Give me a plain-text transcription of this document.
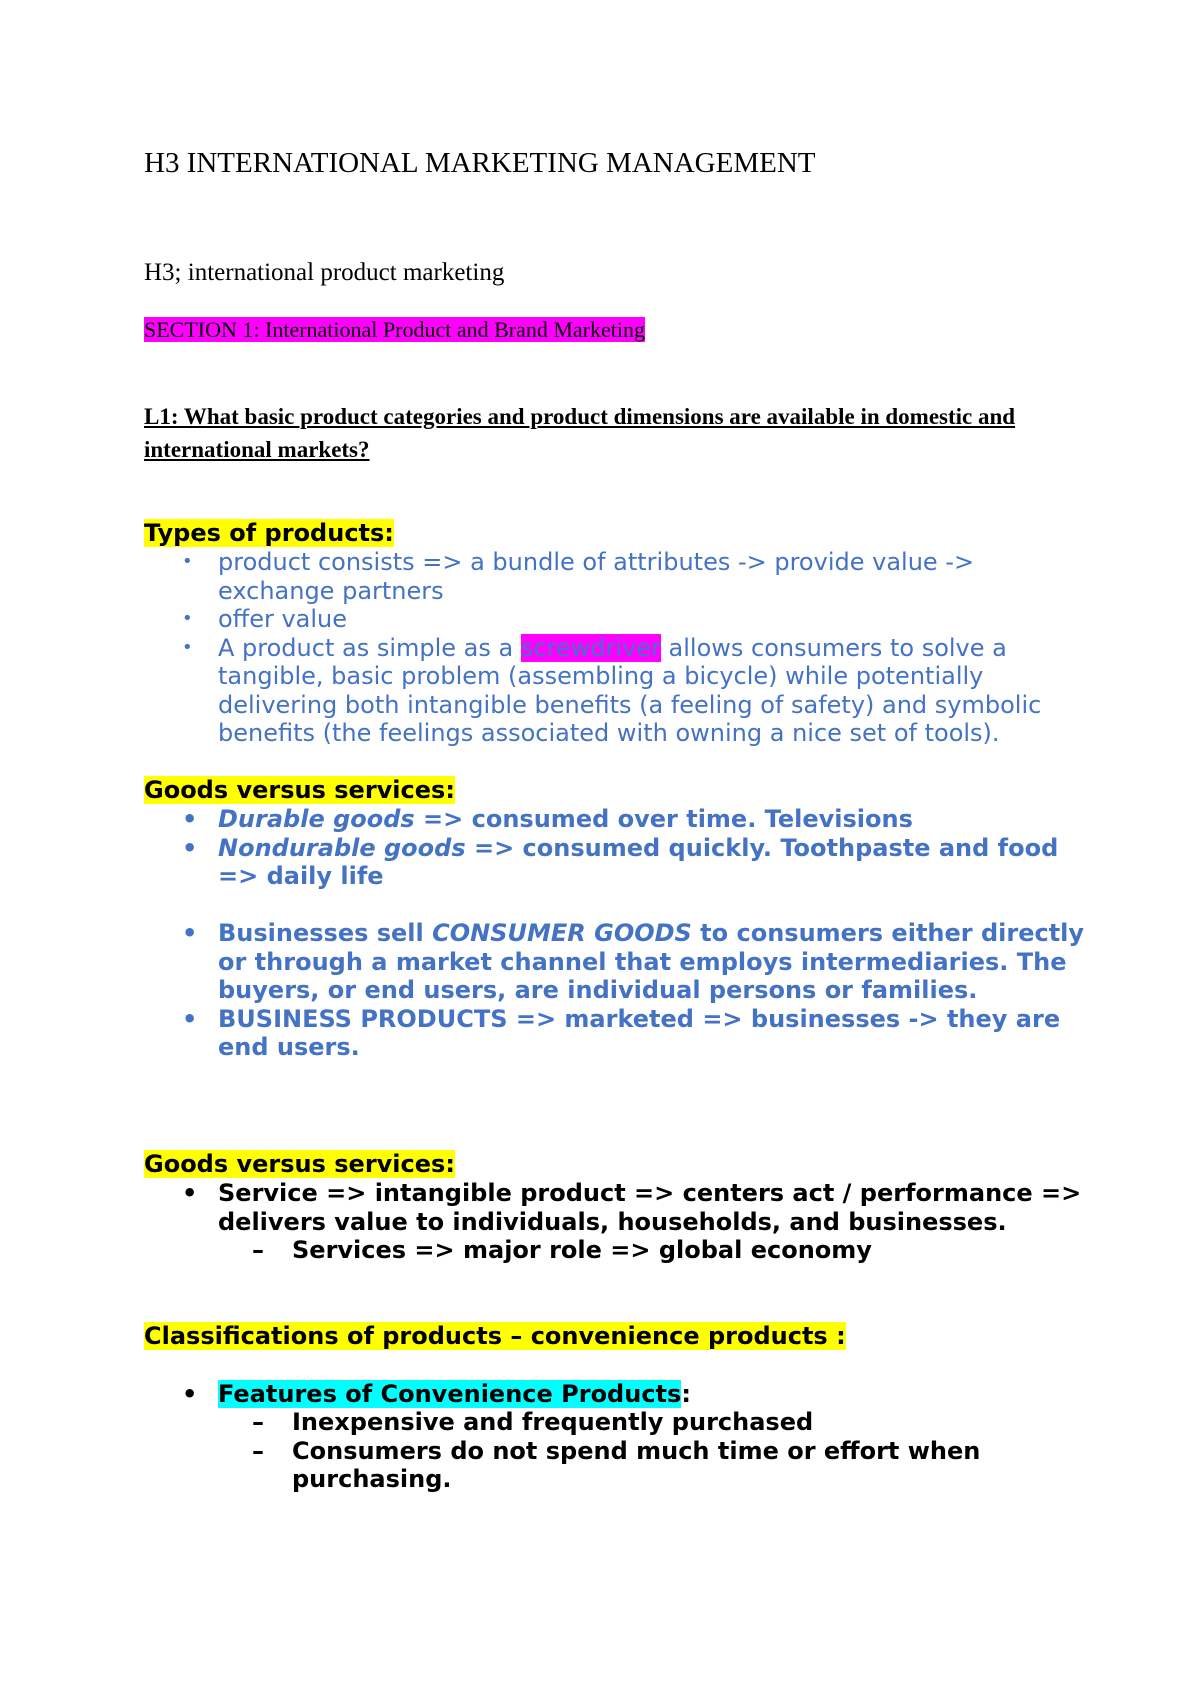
H3 INTERNATIONAL MARKETING MANAGEMENT
H3; international product marketing
SECTION 1: International Product and Brand Marketing
L1: What basic product categories and product dimensions are available in domestic and international markets?
Types of products:
• product consists => a bundle of attributes -> provide value -> exchange partners
• offer value
• A product as simple as a screwdriver allows consumers to solve a tangible, basic problem (assembling a bicycle) while potentially delivering both intangible benefits (a feeling of safety) and symbolic benefits (the feelings associated with owning a nice set of tools).
Goods versus services:
• Durable goods => consumed over time. Televisions
• Nondurable goods => consumed quickly. Toothpaste and food => daily life
• Businesses sell CONSUMER GOODS to consumers either directly or through a market channel that employs intermediaries. The buyers, or end users, are individual persons or families.
• BUSINESS PRODUCTS => marketed => businesses -> they are end users.
Goods versus services:
• Service => intangible product => centers act / performance => delivers value to individuals, households, and businesses.
– Services => major role => global economy
Classifications of products – convenience products :
• Features of Convenience Products:
– Inexpensive and frequently purchased
– Consumers do not spend much time or effort when purchasing.
